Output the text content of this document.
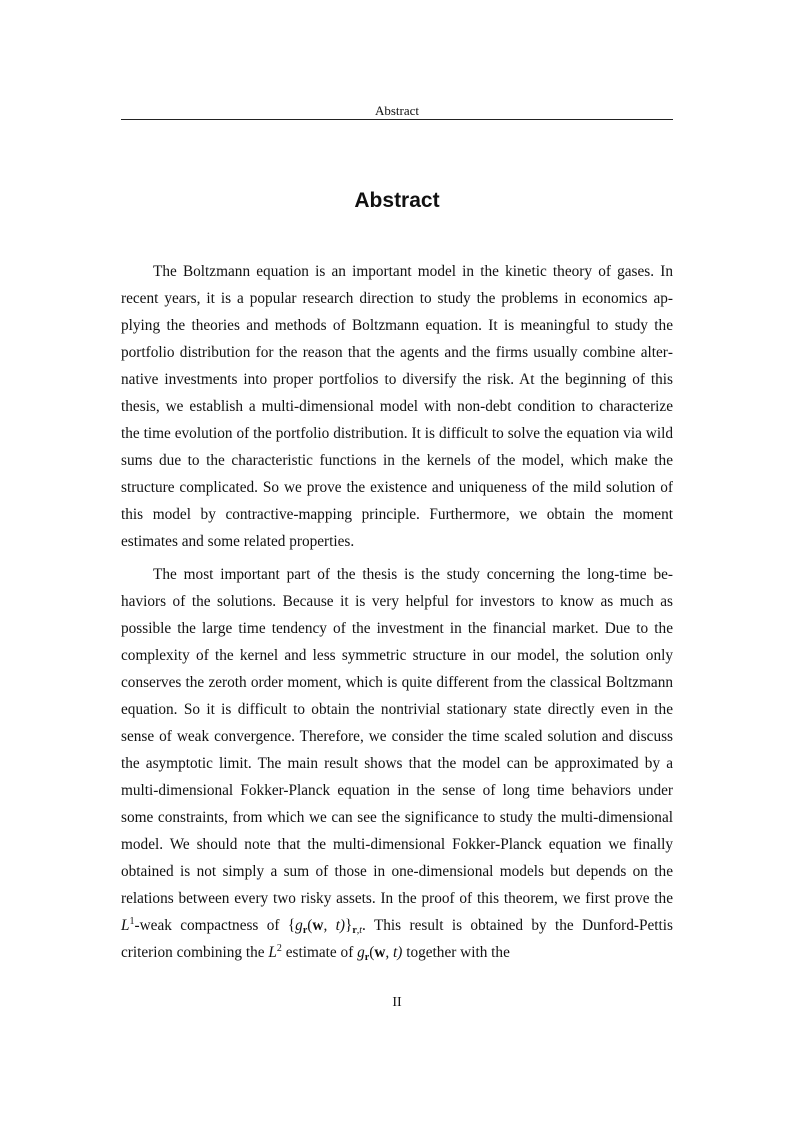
Abstract
Abstract

The Boltzmann equation is an important model in the kinetic theory of gases. In recent years, it is a popular research direction to study the problems in economics applying the theories and methods of Boltzmann equation. It is meaningful to study the portfolio distribution for the reason that the agents and the firms usually combine alternative investments into proper portfolios to diversify the risk. At the beginning of this thesis, we establish a multi-dimensional model with non-debt condition to characterize the time evolution of the portfolio distribution. It is difficult to solve the equation via wild sums due to the characteristic functions in the kernels of the model, which make the structure complicated. So we prove the existence and uniqueness of the mild solution of this model by contractive-mapping principle. Furthermore, we obtain the moment estimates and some related properties.

The most important part of the thesis is the study concerning the long-time behaviors of the solutions. Because it is very helpful for investors to know as much as possible the large time tendency of the investment in the financial market. Due to the complexity of the kernel and less symmetric structure in our model, the solution only conserves the zeroth order moment, which is quite different from the classical Boltzmann equation. So it is difficult to obtain the nontrivial stationary state directly even in the sense of weak convergence. Therefore, we consider the time scaled solution and discuss the asymptotic limit. The main result shows that the model can be approximated by a multi-dimensional Fokker-Planck equation in the sense of long time behaviors under some constraints, from which we can see the significance to study the multi-dimensional model. We should note that the multi-dimensional Fokker-Planck equation we finally obtained is not simply a sum of those in one-dimensional models but depends on the relations between every two risky assets. In the proof of this theorem, we first prove the $L^1$-weak compactness of {$g_r(w$, $t)\}_{r,t}$. This result is obtained by the Dunford-Pettis criterion combining the $L^2$ estimate of $g_r(w$, t) together with the

II
